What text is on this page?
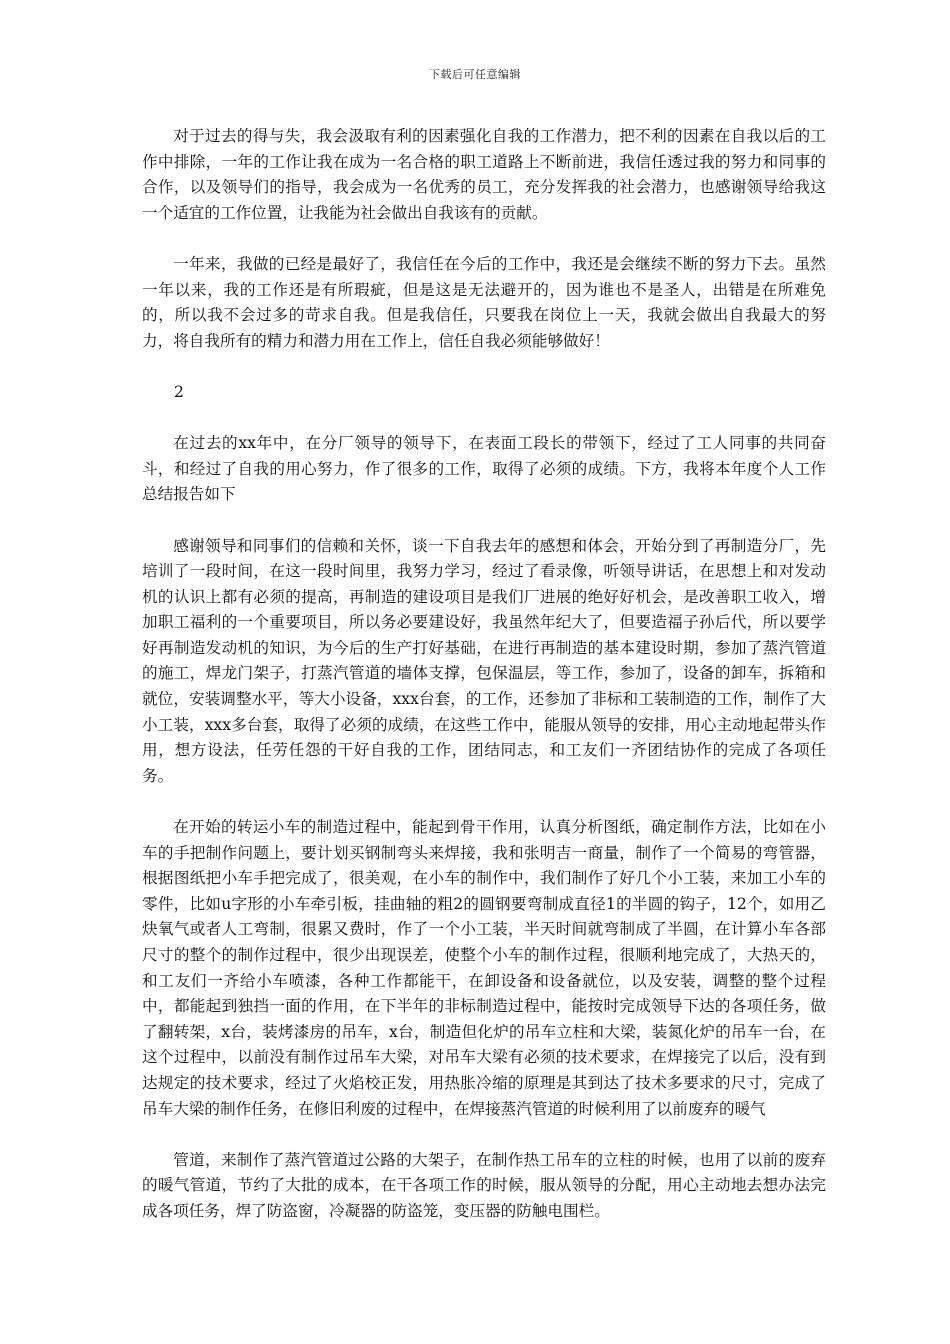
下载后可任意编辑

对于过去的得与失，我会汲取有利的因素强化自我的工作潜力，把不利的因素在自我以后的工作中排除，一年的工作让我在成为一名合格的职工道路上不断前进，我信任透过我的努力和同事的合作，以及领导们的指导，我会成为一名优秀的员工，充分发挥我的社会潜力，也感谢领导给我这一个适宜的工作位置，让我能为社会做出自我该有的贡献。

一年来，我做的已经是最好了，我信任在今后的工作中，我还是会继续不断的努力下去。虽然一年以来，我的工作还是有所瑕疵，但是这是无法避开的，因为谁也不是圣人，出错是在所难免的，所以我不会过多的苛求自我。但是我信任，只要我在岗位上一天，我就会做出自我最大的努力，将自我所有的精力和潜力用在工作上，信任自我必须能够做好！

2

在过去的xx年中，在分厂领导的领导下，在表面工段长的带领下，经过了工人同事的共同奋斗，和经过了自我的用心努力，作了很多的工作，取得了必须的成绩。下方，我将本年度个人工作总结报告如下

感谢领导和同事们的信赖和关怀，谈一下自我去年的感想和体会，开始分到了再制造分厂，先培训了一段时间，在这一段时间里，我努力学习，经过了看录像，听领导讲话，在思想上和对发动机的认识上都有必须的提高，再制造的建设项目是我们厂进展的绝好好机会，是改善职工收入，增加职工福利的一个重要项目，所以务必要建设好，我虽然年纪大了，但要造福子孙后代，所以要学好再制造发动机的知识，为今后的生产打好基础，在进行再制造的基本建设时期，参加了蒸汽管道的施工，焊龙门架子，打蒸汽管道的墙体支撑，包保温层，等工作，参加了，设备的卸车，拆箱和就位，安装调整水平，等大小设备，xxx台套，的工作，还参加了非标和工装制造的工作，制作了大小工装，xxx多台套，取得了必须的成绩，在这些工作中，能服从领导的安排，用心主动地起带头作用，想方设法，任劳任怨的干好自我的工作，团结同志，和工友们一齐团结协作的完成了各项任务。

在开始的转运小车的制造过程中，能起到骨干作用，认真分析图纸，确定制作方法，比如在小车的手把制作问题上，要计划买钢制弯头来焊接，我和张明吉一商量，制作了一个简易的弯管器，根据图纸把小车手把完成了，很美观，在小车的制作中，我们制作了好几个小工装，来加工小车的零件，比如u字形的小车牵引板，挂曲轴的粗2的圆钢要弯制成直径1的半圆的钩子，12个，如用乙炔氧气或者人工弯制，很累又费时，作了一个小工装，半天时间就弯制成了半圆，在计算小车各部尺寸的整个的制作过程中，很少出现误差，使整个小车的制作过程，很顺利地完成了，大热天的，和工友们一齐给小车喷漆，各种工作都能干，在卸设备和设备就位，以及安装，调整的整个过程中，都能起到独挡一面的作用，在下半年的非标制造过程中，能按时完成领导下达的各项任务，做了翻转架，x台，装烤漆房的吊车，x台，制造但化炉的吊车立柱和大梁，装氮化炉的吊车一台，在这个过程中，以前没有制作过吊车大梁，对吊车大梁有必须的技术要求，在焊接完了以后，没有到达规定的技术要求，经过了火焰校正发，用热胀冷缩的原理是其到达了技术多要求的尺寸，完成了吊车大梁的制作任务，在修旧利废的过程中，在焊接蒸汽管道的时候利用了以前废弃的暖气

管道，来制作了蒸汽管道过公路的大架子，在制作热工吊车的立柱的时候，也用了以前的废弃的暖气管道，节约了大批的成本，在干各项工作的时候，服从领导的分配，用心主动地去想办法完成各项任务，焊了防盗窗，冷凝器的防盗笼，变压器的防触电围栏。
